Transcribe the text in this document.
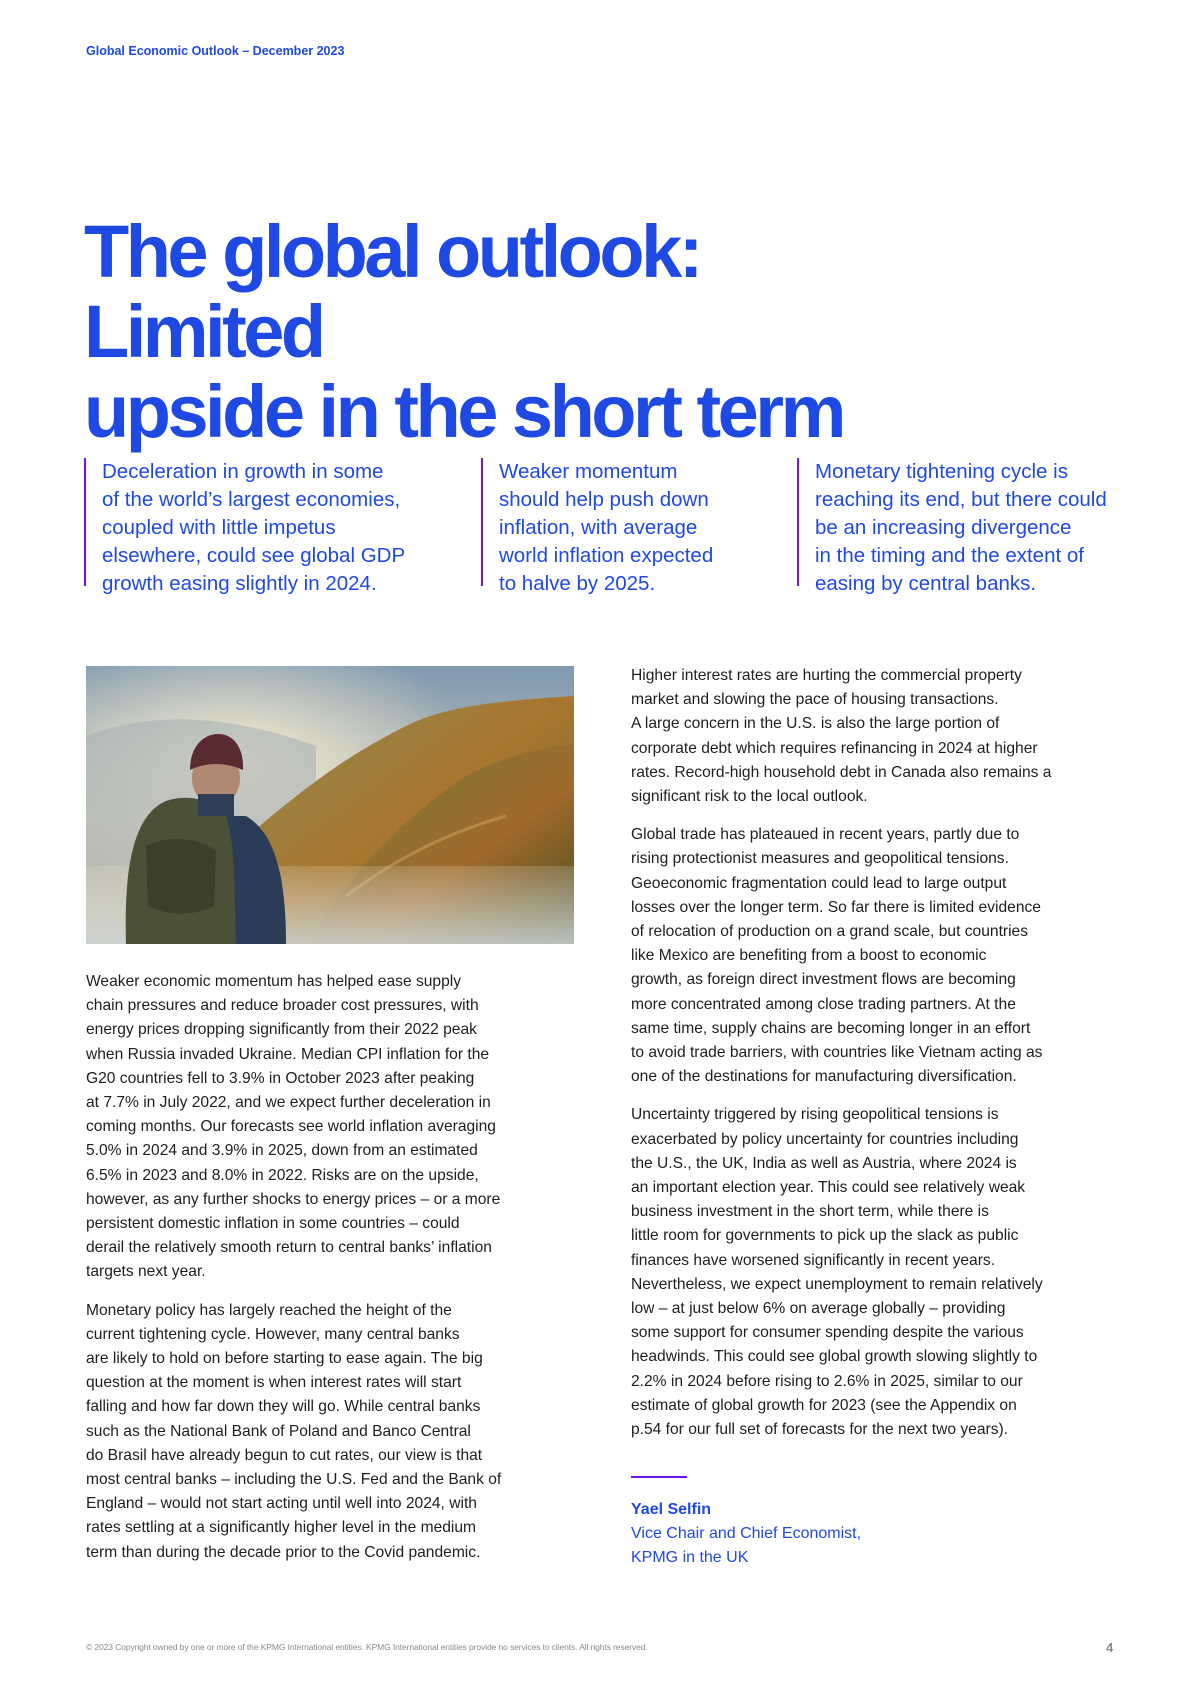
Global Economic Outlook – December 2023
The global outlook: Limited
upside in the short term

Deceleration in growth in some
of the world’s largest economies,
coupled with little impetus
elsewhere, could see global GDP
growth easing slightly in 2024.

Weaker momentum
should help push down
inflation, with average
world inflation expected
to halve by 2025.

Monetary tightening cycle is
reaching its end, but there could
be an increasing divergence
in the timing and the extent of
easing by central banks.

Weaker economic momentum has helped ease supply
chain pressures and reduce broader cost pressures, with
energy prices dropping significantly from their 2022 peak
when Russia invaded Ukraine. Median CPI inflation for the
G20 countries fell to 3.9% in October 2023 after peaking
at 7.7% in July 2022, and we expect further deceleration in
coming months. Our forecasts see world inflation averaging
5.0% in 2024 and 3.9% in 2025, down from an estimated
6.5% in 2023 and 8.0% in 2022. Risks are on the upside,
however, as any further shocks to energy prices – or a more
persistent domestic inflation in some countries – could
derail the relatively smooth return to central banks’ inflation
targets next year.

Monetary policy has largely reached the height of the
current tightening cycle. However, many central banks
are likely to hold on before starting to ease again. The big
question at the moment is when interest rates will start
falling and how far down they will go. While central banks
such as the National Bank of Poland and Banco Central
do Brasil have already begun to cut rates, our view is that
most central banks – including the U.S. Fed and the Bank of
England – would not start acting until well into 2024, with
rates settling at a significantly higher level in the medium
term than during the decade prior to the Covid pandemic.

Higher interest rates are hurting the commercial property
market and slowing the pace of housing transactions.
A large concern in the U.S. is also the large portion of
corporate debt which requires refinancing in 2024 at higher
rates. Record-high household debt in Canada also remains a
significant risk to the local outlook.

Global trade has plateaued in recent years, partly due to
rising protectionist measures and geopolitical tensions.
Geoeconomic fragmentation could lead to large output
losses over the longer term. So far there is limited evidence
of relocation of production on a grand scale, but countries
like Mexico are benefiting from a boost to economic
growth, as foreign direct investment flows are becoming
more concentrated among close trading partners. At the
same time, supply chains are becoming longer in an effort
to avoid trade barriers, with countries like Vietnam acting as
one of the destinations for manufacturing diversification.

Uncertainty triggered by rising geopolitical tensions is
exacerbated by policy uncertainty for countries including
the U.S., the UK, India as well as Austria, where 2024 is
an important election year. This could see relatively weak
business investment in the short term, while there is
little room for governments to pick up the slack as public
finances have worsened significantly in recent years.
Nevertheless, we expect unemployment to remain relatively
low – at just below 6% on average globally – providing
some support for consumer spending despite the various
headwinds. This could see global growth slowing slightly to
2.2% in 2024 before rising to 2.6% in 2025, similar to our
estimate of global growth for 2023 (see the Appendix on
p.54 for our full set of forecasts for the next two years).

Yael Selfin
Vice Chair and Chief Economist,
KPMG in the UK
© 2023 Copyright owned by one or more of the KPMG International entities. KPMG International entities provide no services to clients. All rights reserved.	4
